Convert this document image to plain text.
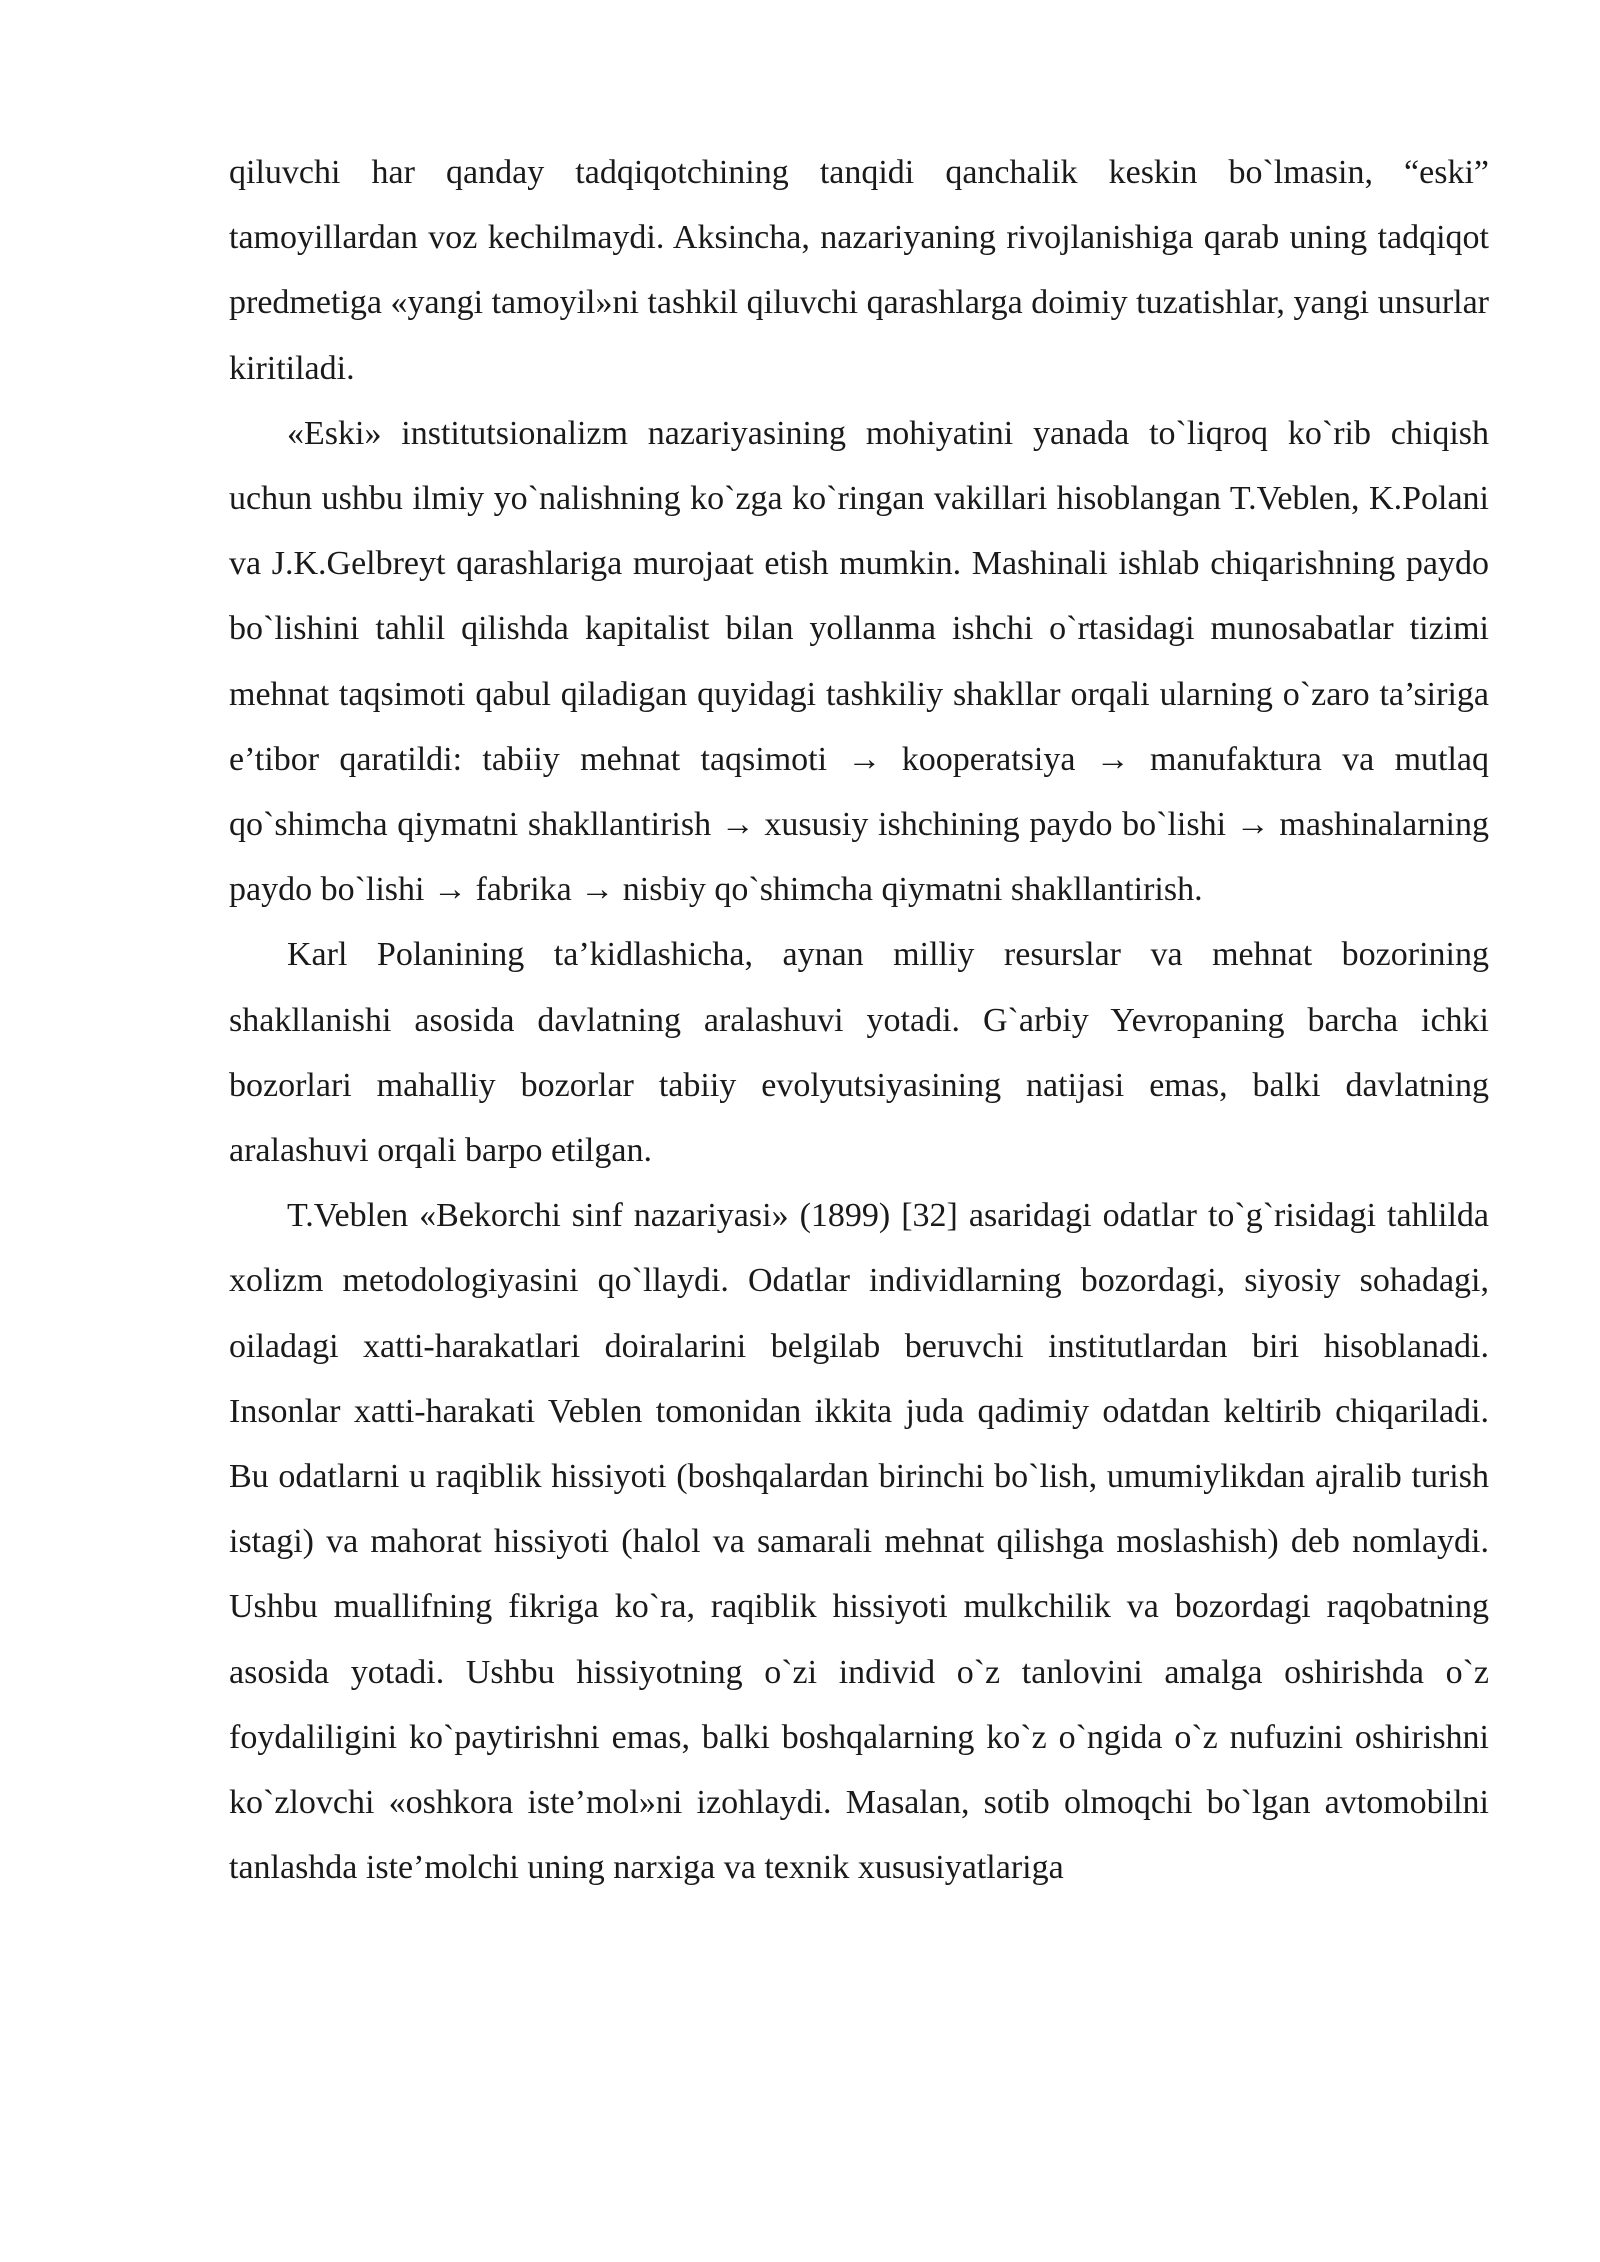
qiluvchi har qanday tadqiqotchining tanqidi qanchalik keskin bo`lmasin, “eski” tamoyillardan voz kechilmaydi. Aksincha, nazariyaning rivojlanishiga qarab uning tadqiqot predmetiga «yangi tamoyil»ni tashkil qiluvchi qarashlarga doimiy tuzatishlar, yangi unsurlar kiritiladi.

«Eski» institutsionalizm nazariyasining mohiyatini yanada to`liqroq ko`rib chiqish uchun ushbu ilmiy yo`nalishning ko`zga ko`ringan vakillari hisoblangan T.Veblen, K.Polani va J.K.Gelbreyt qarashlariga murojaat etish mumkin. Mashinali ishlab chiqarishning paydo bo`lishini tahlil qilishda kapitalist bilan yollanma ishchi o`rtasidagi munosabatlar tizimi mehnat taqsimoti qabul qiladigan quyidagi tashkiliy shakllar orqali ularning o`zaro ta’siriga e’tibor qaratildi: tabiiy mehnat taqsimoti → kooperatsiya → manufaktura va mutlaq qo`shimcha qiymatni shakllantirish → xususiy ishchining paydo bo`lishi → mashinalarning paydo bo`lishi → fabrika → nisbiy qo`shimcha qiymatni shakllantirish.

Karl Polanining ta’kidlashicha, aynan milliy resurslar va mehnat bozorining shakllanishi asosida davlatning aralashuvi yotadi. G`arbiy Yevropaning barcha ichki bozorlari mahalliy bozorlar tabiiy evolyutsiyasining natijasi emas, balki davlatning aralashuvi orqali barpo etilgan.

T.Veblen «Bekorchi sinf nazariyasi» (1899) [32] asaridagi odatlar to`g`risidagi tahlilda xolizm metodologiyasini qo`llaydi. Odatlar individlarning bozordagi, siyosiy sohadagi, oiladagi xatti-harakatlari doiralarini belgilab beruvchi institutlardan biri hisoblanadi. Insonlar xatti-harakati Veblen tomonidan ikkita juda qadimiy odatdan keltirib chiqariladi. Bu odatlarni u raqiblik hissiyoti (boshqalardan birinchi bo`lish, umumiylikdan ajralib turish istagi) va mahorat hissiyoti (halol va samarali mehnat qilishga moslashish) deb nomlaydi. Ushbu muallifning fikriga ko`ra, raqiblik hissiyoti mulkchilik va bozordagi raqobatning asosida yotadi. Ushbu hissiyotning o`zi individ o`z tanlovini amalga oshirishda o`z foydaliligini ko`paytirishni emas, balki boshqalarning ko`z o`ngida o`z nufuzini oshirishni ko`zlovchi «oshkora iste’mol»ni izohlaydi. Masalan, sotib olmoqchi bo`lgan avtomobilni tanlashda iste’molchi uning narxiga va texnik xususiyatlariga
